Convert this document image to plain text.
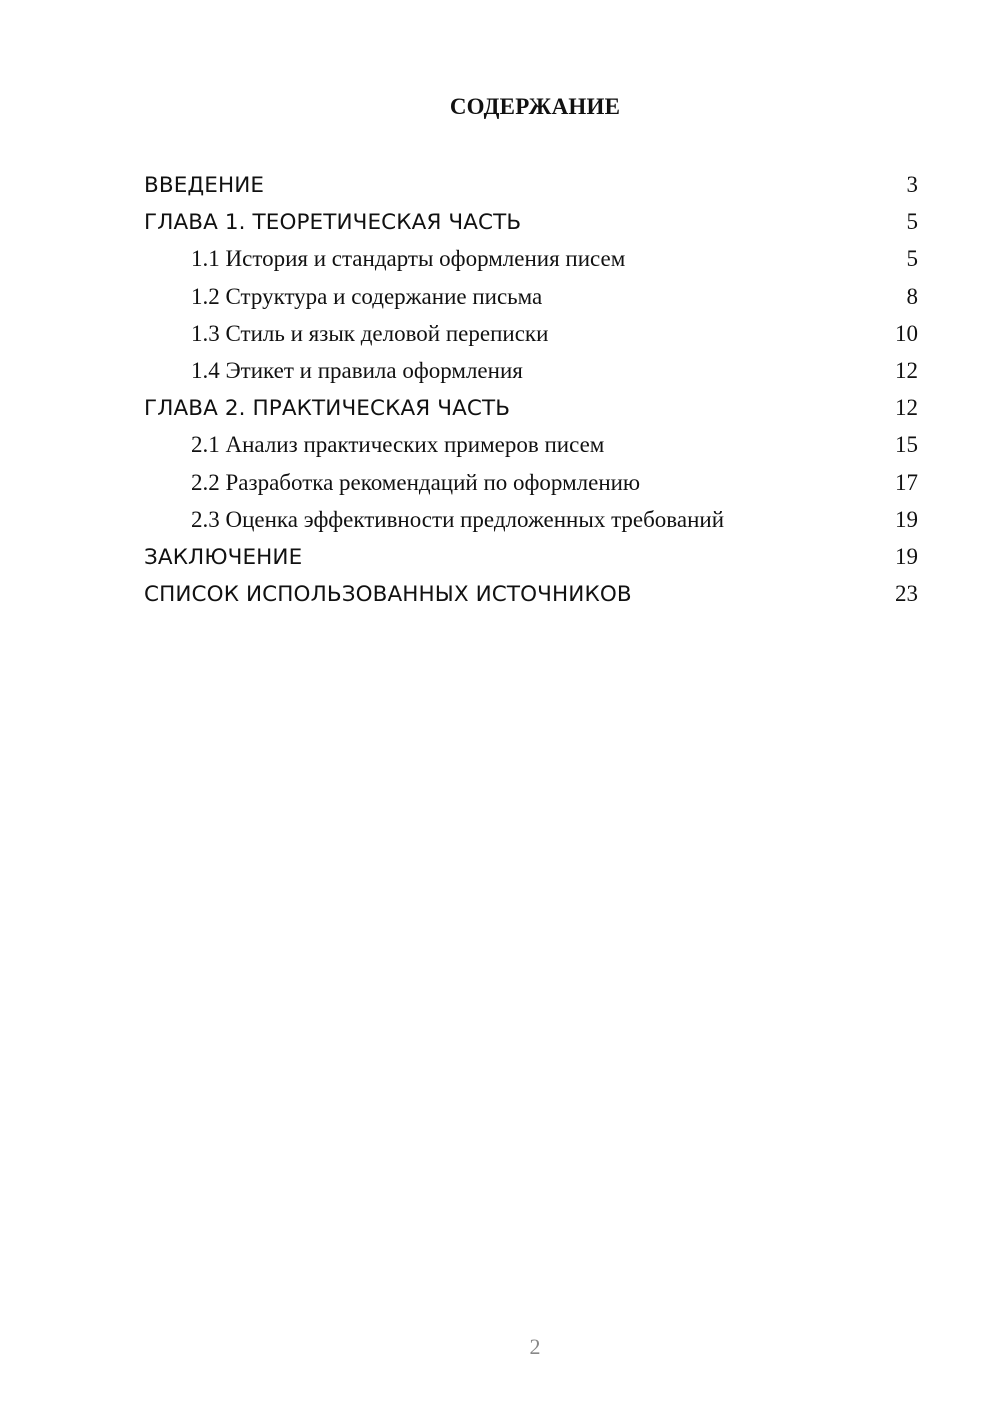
СОДЕРЖАНИЕ
ВВЕДЕНИЕ	3
ГЛАВА 1. ТЕОРЕТИЧЕСКАЯ ЧАСТЬ	5
1.1 История и стандарты оформления писем	5
1.2 Структура и содержание письма	8
1.3 Стиль и язык деловой переписки	10
1.4 Этикет и правила оформления	12
ГЛАВА 2. ПРАКТИЧЕСКАЯ ЧАСТЬ	12
2.1 Анализ практических примеров писем	15
2.2 Разработка рекомендаций по оформлению	17
2.3 Оценка эффективности предложенных требований	19
ЗАКЛЮЧЕНИЕ	19
СПИСОК ИСПОЛЬЗОВАННЫХ ИСТОЧНИКОВ	23
2
